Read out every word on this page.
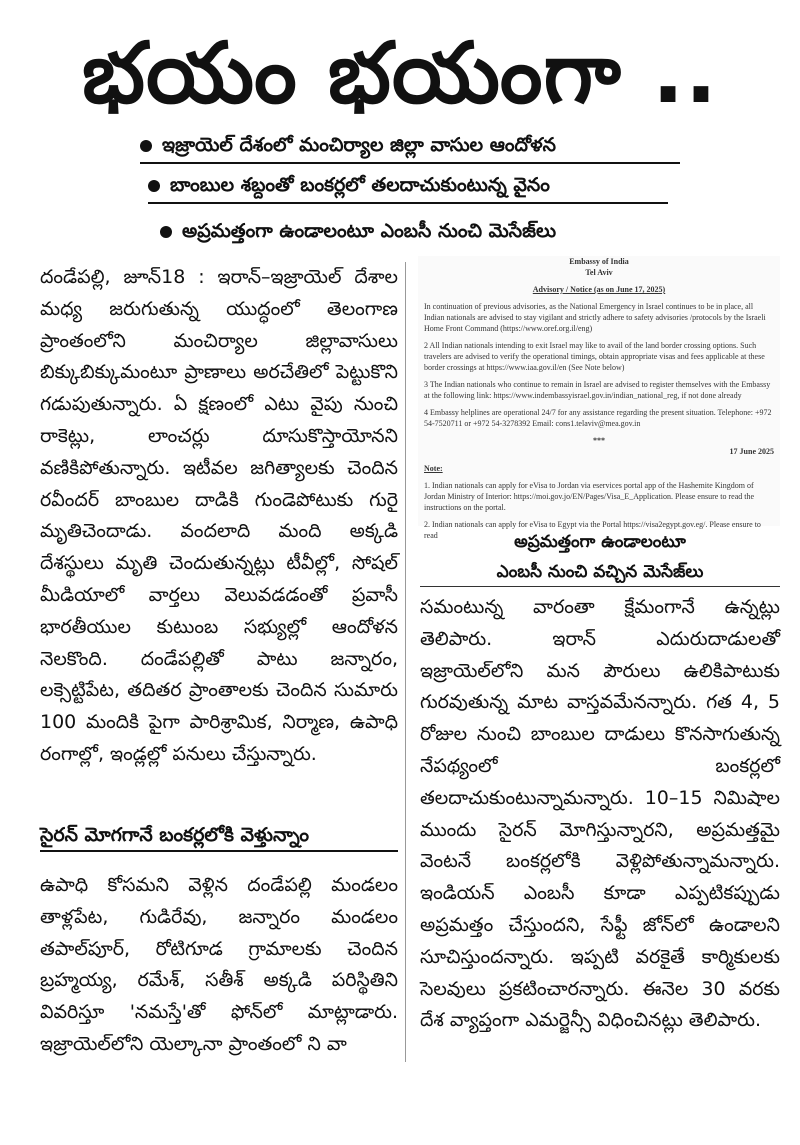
భయం భయంగా ..
ఇజ్రాయెల్ దేశంలో మంచిర్యాల జిల్లా వాసుల ఆందోళన
బాంబుల శబ్దంతో బంకర్లలో తలదాచుకుంటున్న వైనం
అప్రమత్తంగా ఉండాలంటూ ఎంబసీ నుంచి మెసేజ్‌లు

దండేపల్లి, జూన్18 : ఇరాన్–ఇజ్రాయెల్ దేశాల మధ్య జరుగుతున్న యుద్ధంలో తెలంగాణ ప్రాంతంలోని మంచిర్యాల జిల్లావాసులు బిక్కుబిక్కుమంటూ ప్రాణాలు అరచేతిలో పెట్టుకొని గడుపుతున్నారు. ఏ క్షణంలో ఎటు వైపు నుంచి రాకెట్లు, లాంచర్లు దూసుకొస్తాయోనని వణికిపోతున్నారు. ఇటీవల జగిత్యాలకు చెందిన రవీందర్ బాంబుల దాడికి గుండెపోటుకు గురై మృతిచెందాడు. వందలాది మంది అక్కడి దేశస్థులు మృతి చెందుతున్నట్లు టీవీల్లో, సోషల్ మీడియాలో వార్తలు వెలువడడంతో ప్రవాసీ భారతీయుల కుటుంబ సభ్యుల్లో ఆందోళన నెలకొంది. దండేపల్లితో పాటు జన్నారం, లక్సెట్టిపేట, తదితర ప్రాంతాలకు చెందిన సుమారు 100 మందికి పైగా పారిశ్రామిక, నిర్మాణ, ఉపాధి రంగాల్లో, ఇండ్లల్లో పనులు చేస్తున్నారు.

సైరన్ మోగగానే బంకర్లలోకి వెళ్తున్నాం

ఉపాధి కోసమని వెళ్లిన దండేపల్లి మండలం తాళ్లపేట, గుడిరేవు, జన్నారం మండలం తపాల్‌పూర్, రోటిగూడ గ్రామాలకు చెందిన బ్రహ్మయ్య, రమేశ్, సతీశ్ అక్కడి పరిస్థితిని వివరిస్తూ 'నమస్తే'తో ఫోన్‌లో మాట్లాడారు. ఇజ్రాయెల్‌లోని యెల్కానా ప్రాంతంలో ని వా

Embassy of India
Tel Aviv
Advisory / Notice (as on June 17, 2025)

In continuation of previous advisories, as the National Emergency in Israel continues to be in place, all Indian nationals are advised to stay vigilant and strictly adhere to safety advisories /protocols by the Israeli Home Front Command (https://www.oref.org.il/eng)

2 All Indian nationals intending to exit Israel may like to avail of the land border crossing options. Such travelers are advised to verify the operational timings, obtain appropriate visas and fees applicable at these border crossings at https://www.iaa.gov.il/en (See Note below)

3 The Indian nationals who continue to remain in Israel are advised to register themselves with the Embassy at the following link: https://www.indembassyisrael.gov.in/indian_national_reg, if not done already

4 Embassy helplines are operational 24/7 for any assistance regarding the present situation. Telephone: +972 54-7520711 or +972 54-3278392 Email: cons1.telaviv@mea.gov.in

***
17 June 2025

Note:

1. Indian nationals can apply for eVisa to Jordan via eservices portal app of the Hashemite Kingdom of Jordan Ministry of Interior: https://moi.gov.jo/EN/Pages/Visa_E_Application. Please ensure to read the instructions on the portal.

2. Indian nationals can apply for eVisa to Egypt via the Portal https://visa2egypt.gov.eg/. Please ensure to read	అప్రమత్తంగా ఉండాలంటూ
ఎంబసీ నుంచి వచ్చిన మెసేజ్‌లు

సమంటున్న వారంతా క్షేమంగానే ఉన్నట్లు తెలిపారు. ఇరాన్ ఎదురుదాడులతో ఇజ్రాయెల్‌లోని మన పౌరులు ఉలికిపాటుకు గురవుతున్న మాట వాస్తవమేనన్నారు. గత 4, 5 రోజుల నుంచి బాంబుల దాడులు కొనసాగుతున్న నేపథ్యంలో బంకర్లలో తలదాచుకుంటున్నామన్నారు. 10–15 నిమిషాల ముందు సైరన్ మోగిస్తున్నారని, అప్రమత్తమై వెంటనే బంకర్లలోకి వెళ్లిపోతున్నామన్నారు. ఇండియన్ ఎంబసీ కూడా ఎప్పటికప్పుడు అప్రమత్తం చేస్తుందని, సేఫ్టీ జోన్‌లో ఉండాలని సూచిస్తుందన్నారు. ఇప్పటి వరకైతే కార్మికులకు సెలవులు ప్రకటించారన్నారు. ఈనెల 30 వరకు దేశ వ్యాప్తంగా ఎమర్జెన్సీ విధించినట్లు తెలిపారు.
